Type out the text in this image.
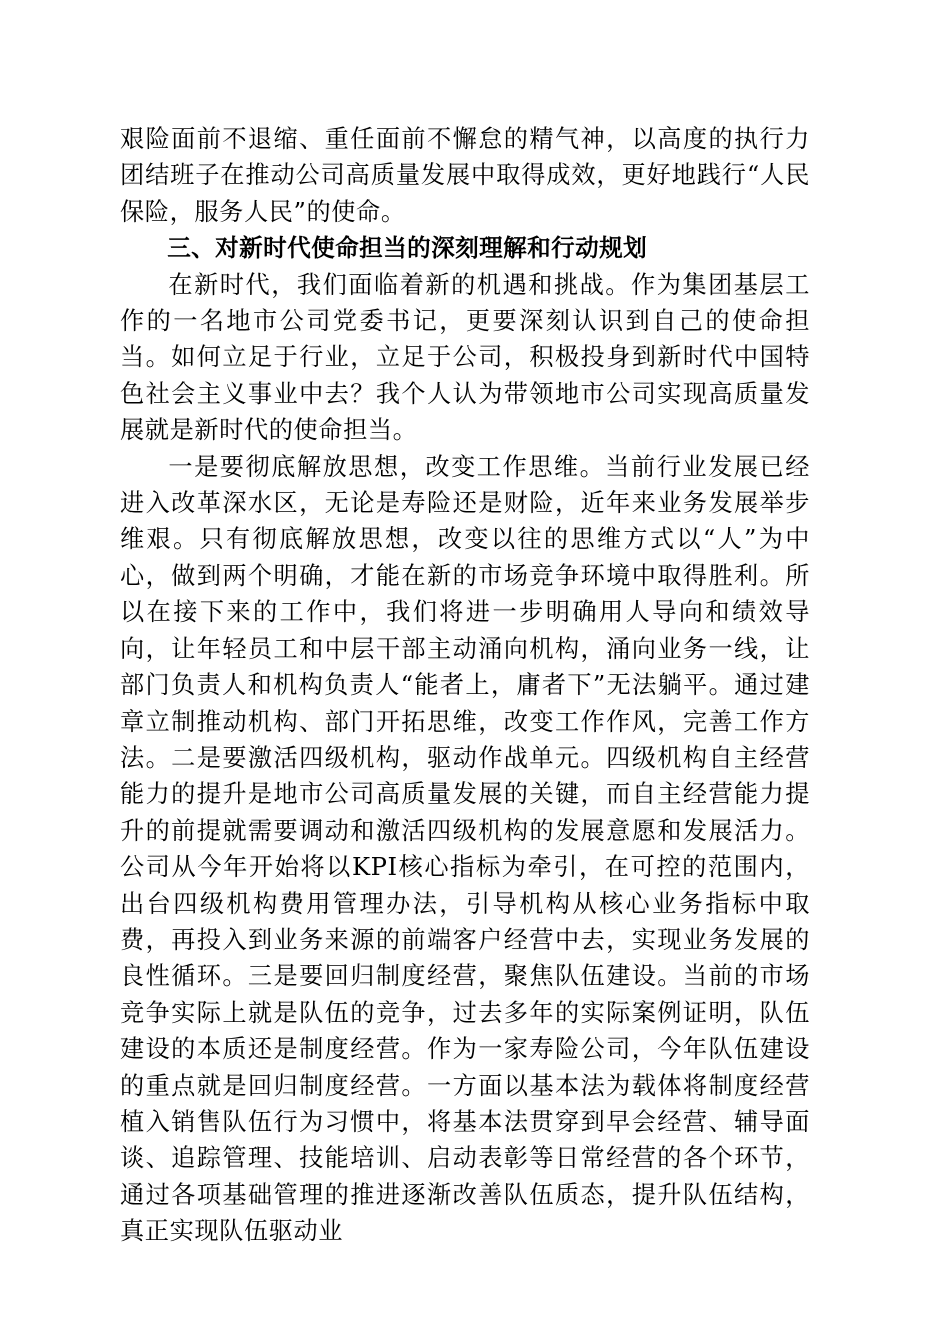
艰险面前不退缩、重任面前不懈怠的精气神，以高度的执行力团结班子在推动公司高质量发展中取得成效，更好地践行“人民保险，服务人民”的使命。

三、对新时代使命担当的深刻理解和行动规划

在新时代，我们面临着新的机遇和挑战。作为集团基层工作的一名地市公司党委书记，更要深刻认识到自己的使命担当。如何立足于行业，立足于公司，积极投身到新时代中国特色社会主义事业中去？我个人认为带领地市公司实现高质量发展就是新时代的使命担当。

一是要彻底解放思想，改变工作思维。当前行业发展已经进入改革深水区，无论是寿险还是财险，近年来业务发展举步维艰。只有彻底解放思想，改变以往的思维方式以“人”为中心，做到两个明确，才能在新的市场竞争环境中取得胜利。所以在接下来的工作中，我们将进一步明确用人导向和绩效导向，让年轻员工和中层干部主动涌向机构，涌向业务一线，让部门负责人和机构负责人“能者上，庸者下”无法躺平。通过建章立制推动机构、部门开拓思维，改变工作作风，完善工作方法。二是要激活四级机构，驱动作战单元。四级机构自主经营能力的提升是地市公司高质量发展的关键，而自主经营能力提升的前提就需要调动和激活四级机构的发展意愿和发展活力。公司从今年开始将以KPI核心指标为牵引，在可控的范围内，出台四级机构费用管理办法，引导机构从核心业务指标中取费，再投入到业务来源的前端客户经营中去，实现业务发展的良性循环。三是要回归制度经营，聚焦队伍建设。当前的市场竞争实际上就是队伍的竞争，过去多年的实际案例证明，队伍建设的本质还是制度经营。作为一家寿险公司，今年队伍建设的重点就是回归制度经营。一方面以基本法为载体将制度经营植入销售队伍行为习惯中，将基本法贯穿到早会经营、辅导面谈、追踪管理、技能培训、启动表彰等日常经营的各个环节，通过各项基础管理的推进逐渐改善队伍质态，提升队伍结构，真正实现队伍驱动业
